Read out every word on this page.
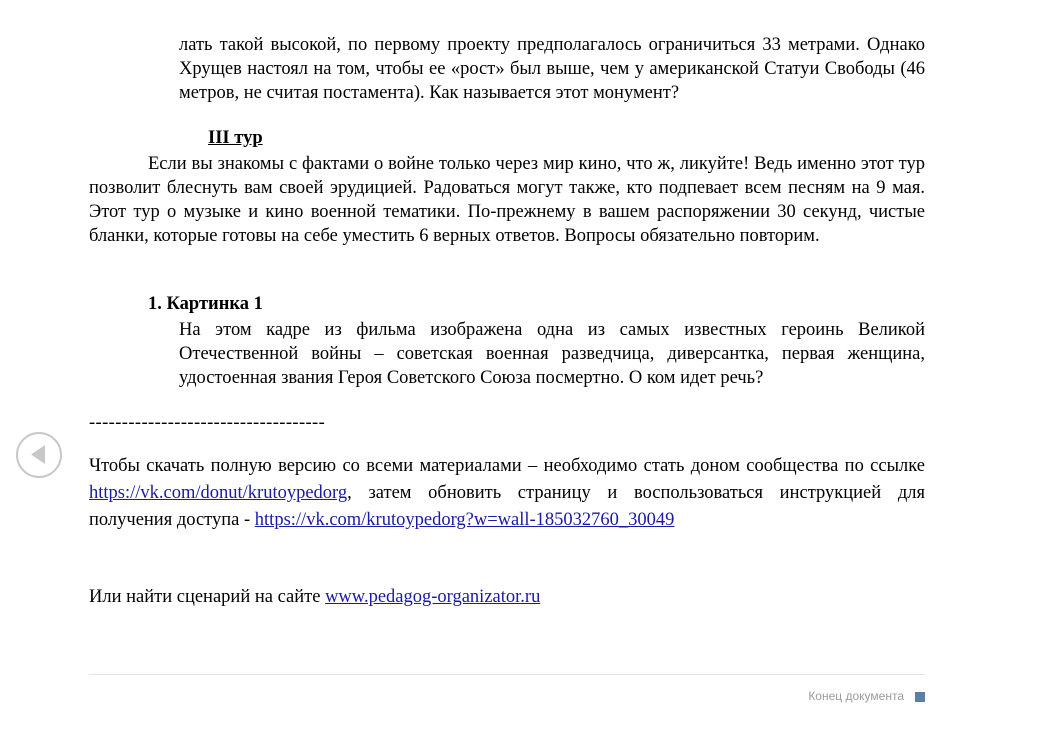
лать такой высокой, по первому проекту предполагалось ограничиться 33 метрами. Однако Хрущев настоял на том, чтобы ее «рост» был выше, чем у американской Статуи Свободы (46 метров, не считая постамента). Как называется этот монумент?
III тур
Если вы знакомы с фактами о войне только через мир кино, что ж, ликуйте! Ведь именно этот тур позволит блеснуть вам своей эрудицией. Радоваться могут также, кто подпевает всем песням на 9 мая. Этот тур о музыке и кино военной тематики. По-прежнему в вашем распоряжении 30 секунд, чистые бланки, которые готовы на себе уместить 6 верных ответов. Вопросы обязательно повторим.
1. Картинка 1
На этом кадре из фильма изображена одна из самых известных героинь Великой Отечественной войны – советская военная разведчица, диверсантка, первая женщина, удостоенная звания Героя Советского Союза посмертно. О ком идет речь?
------------------------------------
Чтобы скачать полную версию со всеми материалами – необходимо стать доном сообщества по ссылке https://vk.com/donut/krutoypedorg, затем обновить страницу и воспользоваться инструкцией для получения доступа - https://vk.com/krutoypedorg?w=wall-185032760_30049
Или найти сценарий на сайте www.pedagog-organizator.ru
Конец документа
